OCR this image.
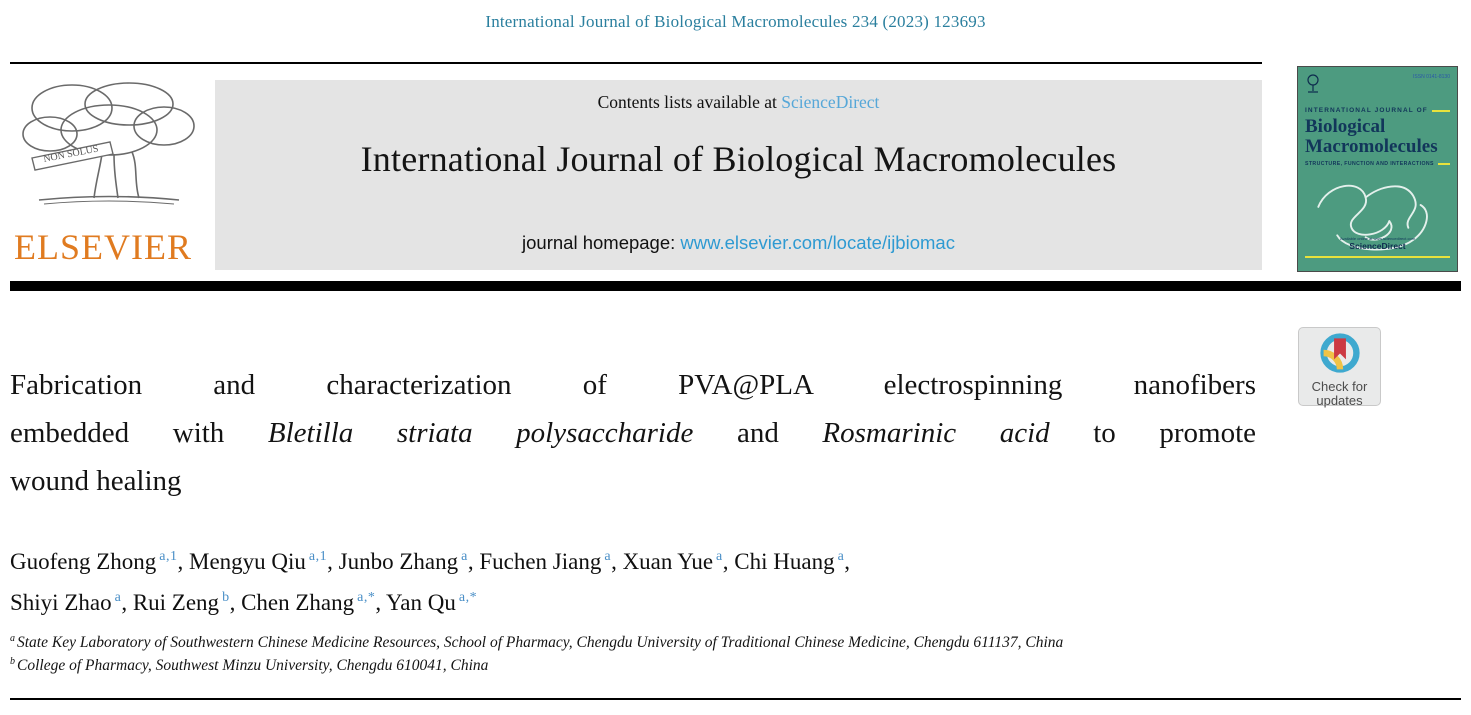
International Journal of Biological Macromolecules 234 (2023) 123693
NON SOLUS
ELSEVIER
Contents lists available at ScienceDirect
International Journal of Biological Macromolecules
journal homepage: www.elsevier.com/locate/ijbiomac
ISSN 0141-8130
INTERNATIONAL JOURNAL OF
Biological
Macromolecules
STRUCTURE, FUNCTION AND INTERACTIONS
Available online at www.sciencedirect.com
ScienceDirect
Fabrication and characterization of PVA@PLA electrospinning nanofibers
embedded with Bletilla striata polysaccharide and Rosmarinic acid to promote
wound healing
Check for
updates
Guofeng Zhong $^{a,1}$, Mengyu Qiu $^{a,1}$, Junbo Zhang $^a$, Fuchen Jiang $^a$, Xuan Yue $^a$, Chi Huang $^a$,
Shiyi Zhao $^a$, Rui Zeng $^b$, Chen Zhang $^{a,*}$, Yan Qu $^{a,*}$
$^a$ State Key Laboratory of Southwestern Chinese Medicine Resources, School of Pharmacy, Chengdu University of Traditional Chinese Medicine, Chengdu 611137, China
$^b$ College of Pharmacy, Southwest Minzu University, Chengdu 610041, China
